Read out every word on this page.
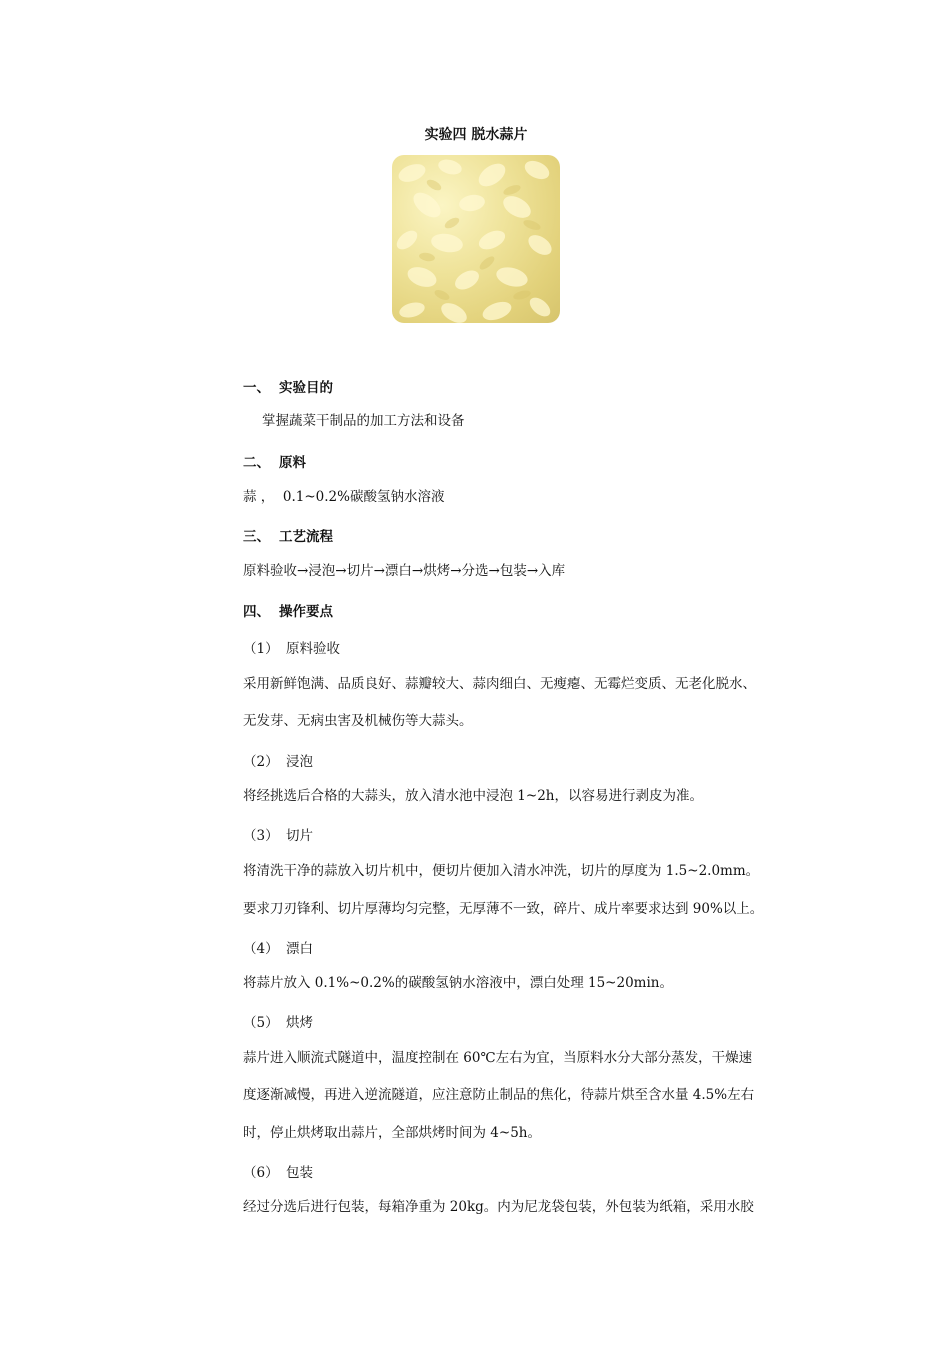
实验四 脱水蒜片
一、 实验目的
掌握蔬菜干制品的加工方法和设备
二、 原料
蒜 ，  0.1~0.2%碳酸氢钠水溶液
三、 工艺流程
原料验收→浸泡→切片→漂白→烘烤→分选→包装→入库
四、 操作要点
（1） 原料验收
采用新鲜饱满、品质良好、蒜瓣较大、蒜肉细白、无瘦瘪、无霉烂变质、无老化脱水、
无发芽、无病虫害及机械伤等大蒜头。
（2） 浸泡
将经挑选后合格的大蒜头，放入清水池中浸泡 1~2h，以容易进行剥皮为准。
（3） 切片
将清洗干净的蒜放入切片机中，便切片便加入清水冲洗，切片的厚度为 1.5~2.0mm。
要求刀刃锋利、切片厚薄均匀完整，无厚薄不一致，碎片、成片率要求达到 90%以上。
（4） 漂白
将蒜片放入 0.1%~0.2%的碳酸氢钠水溶液中，漂白处理 15~20min。
（5） 烘烤
蒜片进入顺流式隧道中，温度控制在 60℃左右为宜，当原料水分大部分蒸发，干燥速
度逐渐减慢，再进入逆流隧道，应注意防止制品的焦化，待蒜片烘至含水量 4.5%左右
时，停止烘烤取出蒜片，全部烘烤时间为 4~5h。
（6） 包装
经过分选后进行包装，每箱净重为 20kg。内为尼龙袋包装，外包装为纸箱，采用水胶
